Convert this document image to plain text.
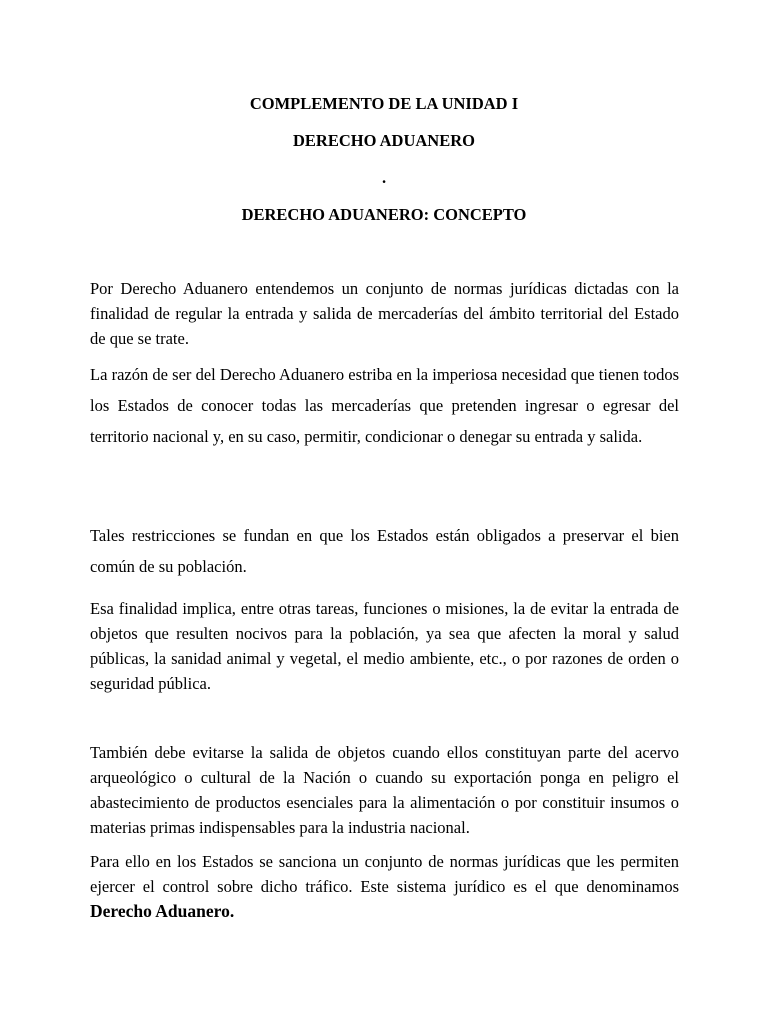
COMPLEMENTO DE LA UNIDAD I
DERECHO ADUANERO
.
DERECHO ADUANERO: CONCEPTO

Por Derecho Aduanero entendemos un conjunto de normas jurídicas dictadas con la finalidad de regular la entrada y salida de mercaderías del ámbito territorial del Estado de que se trate.

La razón de ser del Derecho Aduanero estriba en la imperiosa necesidad que tienen todos los Estados de conocer todas las mercaderías que pretenden ingresar o egresar del territorio nacional y, en su caso, permitir, condicionar o denegar su entrada y salida.

Tales restricciones se fundan en que los Estados están obligados a preservar el bien común de su población.

Esa finalidad implica, entre otras tareas, funciones o misiones, la de evitar la entrada de objetos que resulten nocivos para la población, ya sea que afecten la moral y salud públicas, la sanidad animal y vegetal, el medio ambiente, etc., o por razones de orden o seguridad pública.

También debe evitarse la salida de objetos cuando ellos constituyan parte del acervo arqueológico o cultural de la Nación o cuando su exportación ponga en peligro el abastecimiento de productos esenciales para la alimentación o por constituir insumos o materias primas indispensables para la industria nacional.

Para ello en los Estados se sanciona un conjunto de normas jurídicas que les permiten ejercer el control sobre dicho tráfico. Este sistema jurídico es el que denominamos Derecho Aduanero.
